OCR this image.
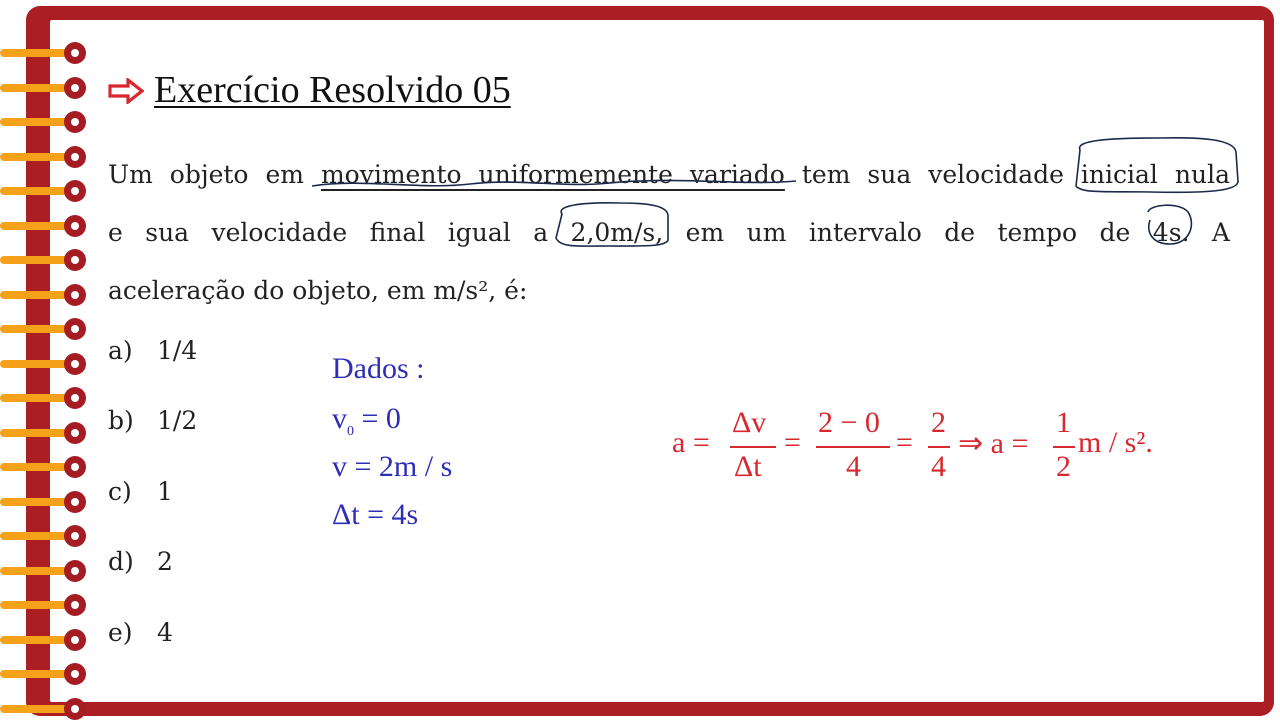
Exercício Resolvido 05
Um objeto em movimento uniformemente variado tem sua velocidade inicial nula
e sua velocidade final igual a 2,0m/s, em um intervalo de tempo de 4s. A
aceleração do objeto, em m/s², é:
a) 1/4
b) 1/2
c) 1
d) 2
e) 4
Dados :
$v_0 = 0$
v = 2m / s
Δt = 4s
a =
Δv
Δt
=
2 − 0
4
=
2
4
⇒ a =
1
2
m / s².
